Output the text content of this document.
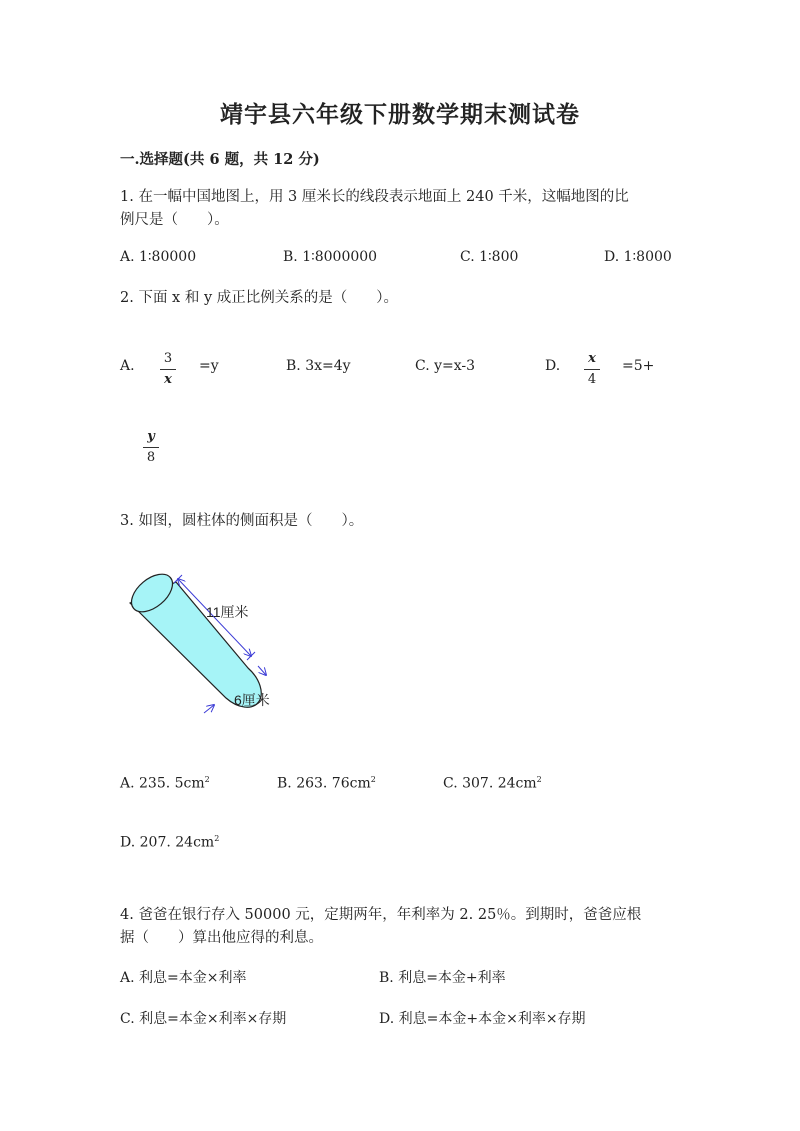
靖宇县六年级下册数学期末测试卷
一.选择题(共 6 题，共 12 分)
1. 在一幅中国地图上，用 3 厘米长的线段表示地面上 240 千米，这幅地图的比
例尺是（　　）。
A. 1∶80000	B. 1∶8000000	C. 1∶800	D. 1∶8000
2. 下面 x 和 y 成正比例关系的是（　　）。
A. 3
x
=y	B. 3x=4y	C. y=x-3	D.	x
4
=5+
y
8
3. 如图，圆柱体的侧面积是（　　）。
11厘米
6厘米
A. 235. $5cm^2$	B. 263. $76cm^2$	C. 307. $24cm^2$
D. 207. $24cm^2$
4. 爸爸在银行存入 50000 元，定期两年，年利率为 2. 25％。到期时，爸爸应根
据（　　）算出他应得的利息。
A. 利息=本金×利率	B. 利息=本金+利率
C. 利息=本金×利率×存期	D. 利息=本金+本金×利率×存期
